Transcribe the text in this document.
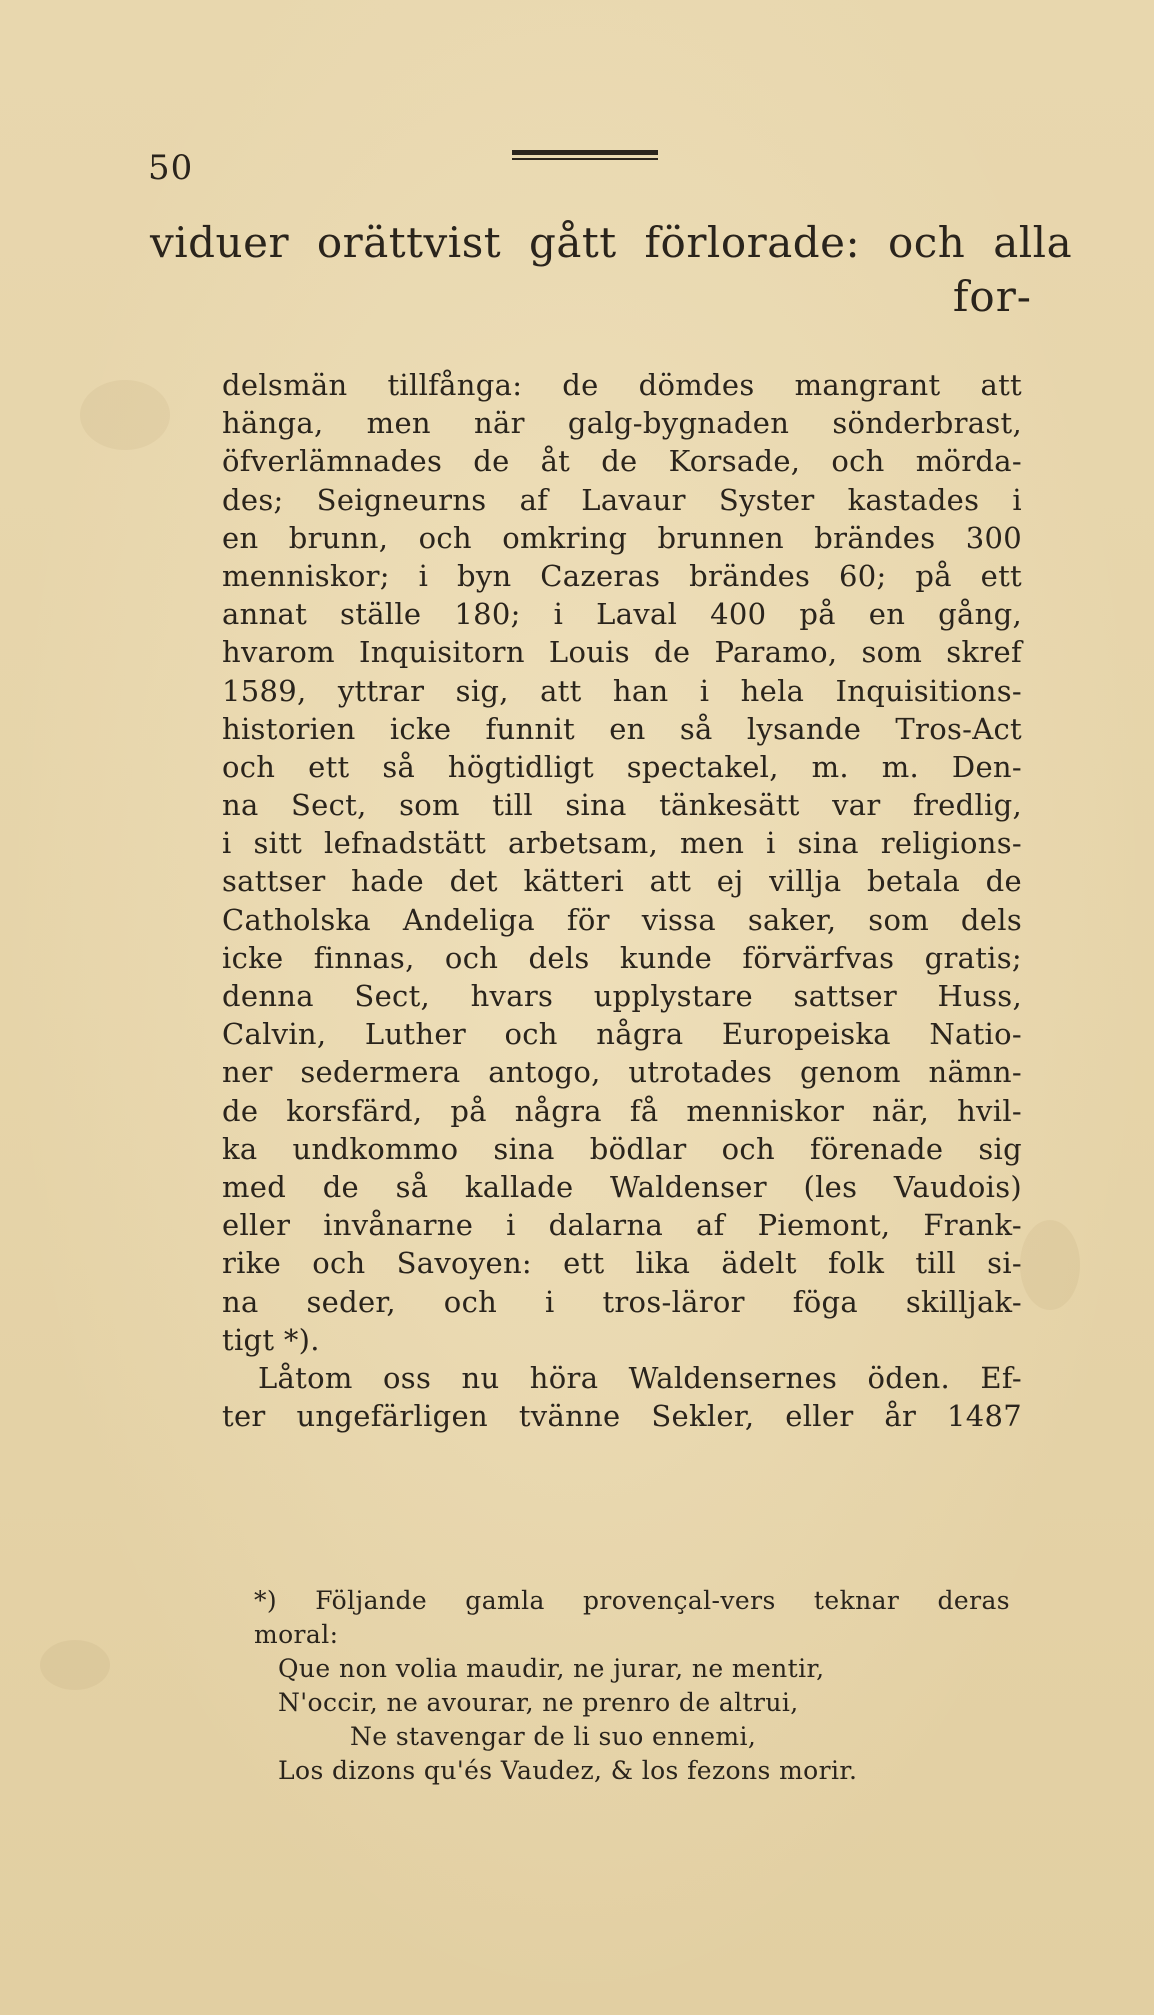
50
viduer orättvist gått förlorade: och alla
for-
delsmän tillfånga: de dömdes mangrant att
hänga, men när galg-bygnaden sönderbrast,
öfverlämnades de åt de Korsade, och mörda-
des; Seigneurns af Lavaur Syster kastades i
en brunn, och omkring brunnen brändes 300
menniskor; i byn Cazeras brändes 60; på ett
annat ställe 180; i Laval 400 på en gång,
hvarom Inquisitorn Louis de Paramo, som skref
1589, yttrar sig, att han i hela Inquisitions-
historien icke funnit en så lysande Tros-Act
och ett så högtidligt spectakel, m. m. Den-
na Sect, som till sina tänkesätt var fredlig,
i sitt lefnadstätt arbetsam, men i sina religions-
sattser hade det kätteri att ej villja betala de
Catholska Andeliga för vissa saker, som dels
icke finnas, och dels kunde förvärfvas gratis;
denna Sect, hvars upplystare sattser Huss,
Calvin, Luther och några Europeiska Natio-
ner sedermera antogo, utrotades genom nämn-
de korsfärd, på några få menniskor när, hvil-
ka undkommo sina bödlar och förenade sig
med de så kallade Waldenser (les Vaudois)
eller invånarne i dalarna af Piemont, Frank-
rike och Savoyen: ett lika ädelt folk till si-
na seder, och i tros-läror föga skilljak-
tigt *).
Låtom oss nu höra Waldensernes öden. Ef-
ter ungefärligen tvänne Sekler, eller år 1487
*) Följande gamla provençal-vers teknar deras
moral:
Que non volia maudir, ne jurar, ne mentir,
N'occir, ne avourar, ne prenro de altrui,
Ne stavengar de li suo ennemi,
Los dizons qu'és Vaudez, & los fezons morir.
